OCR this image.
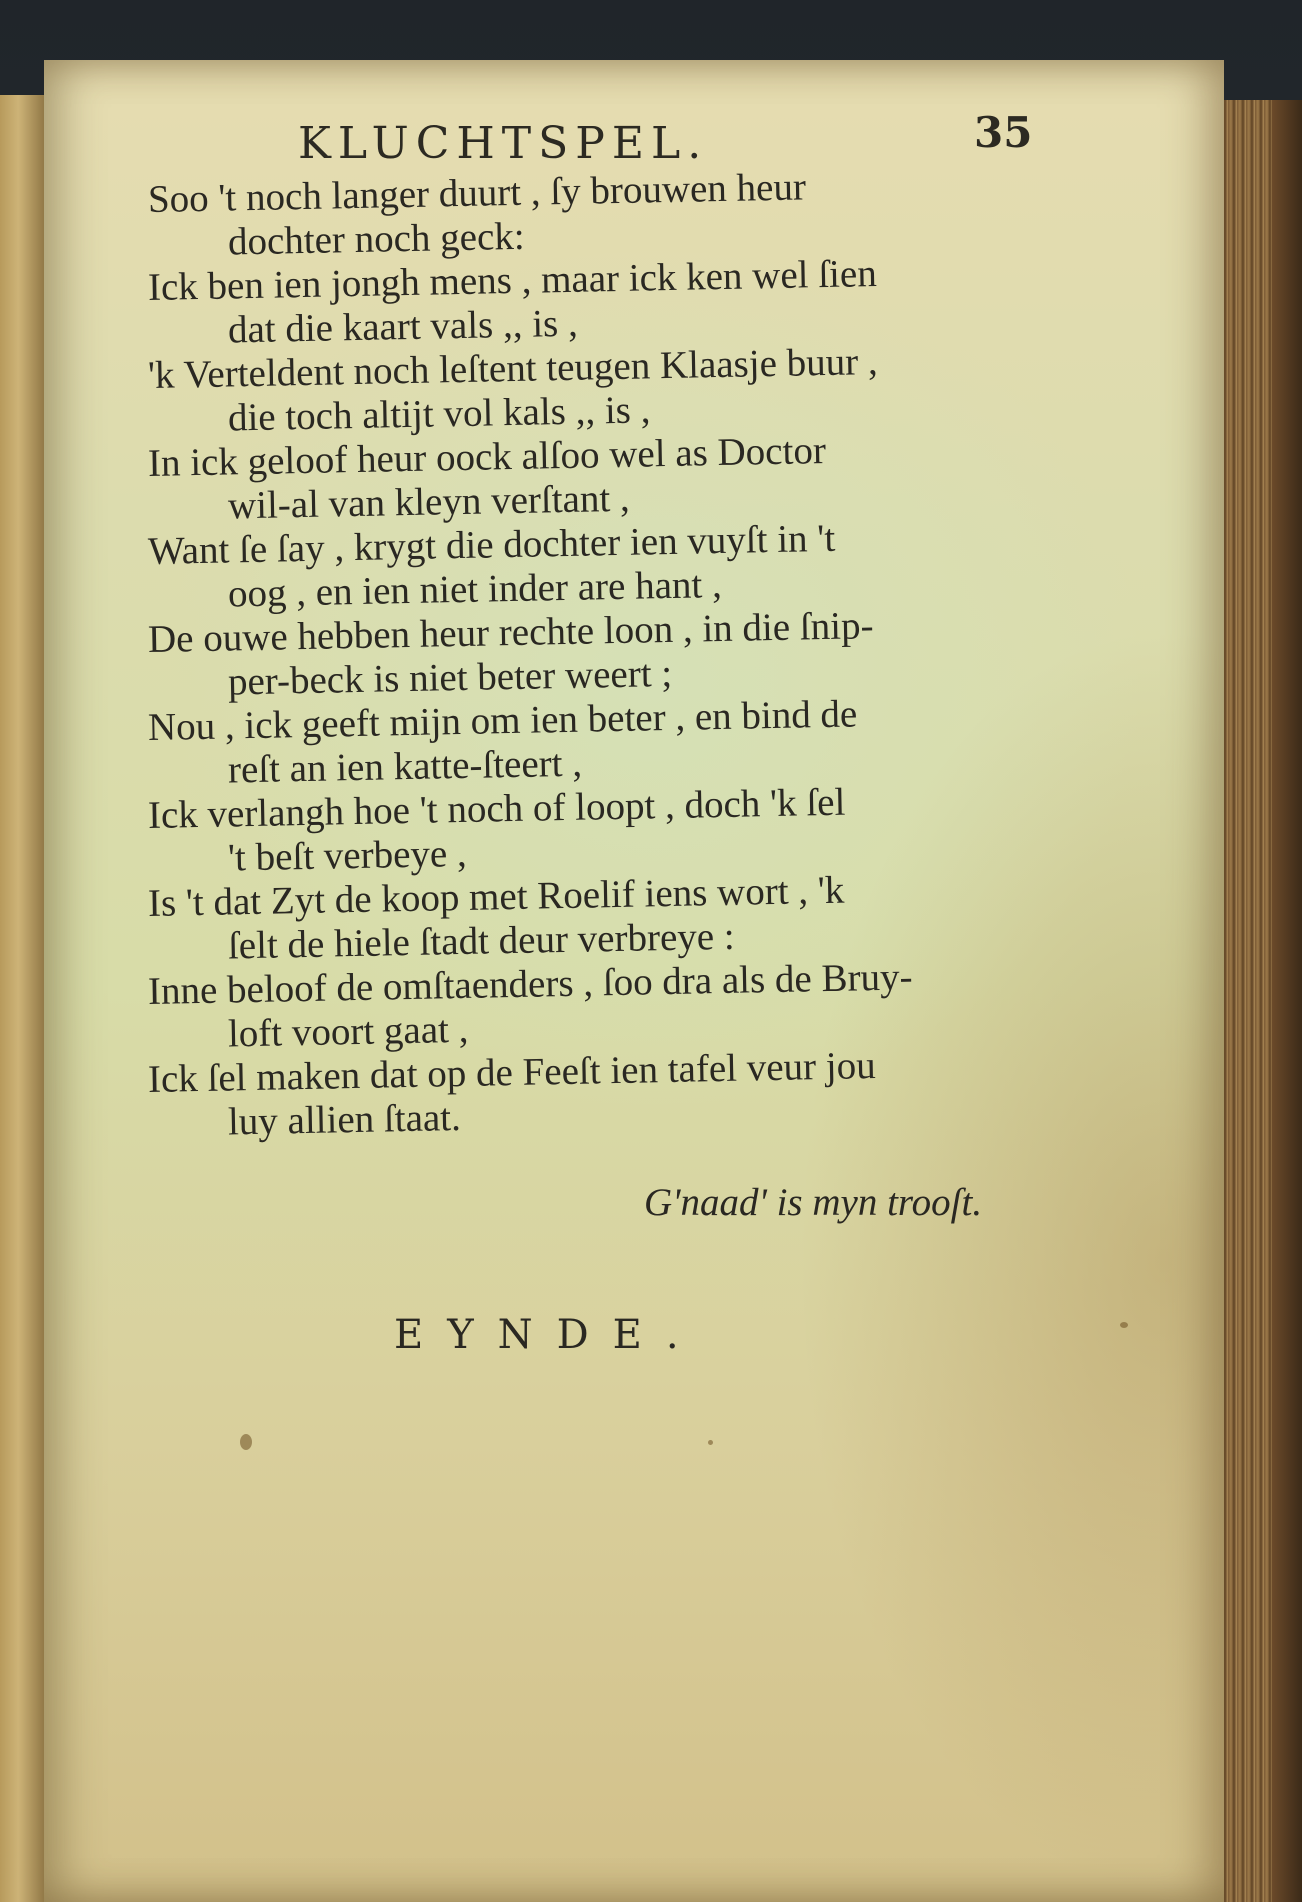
KLUCHTSPEL.	35
Soo 't noch langer duurt , ſy brouwen heur
dochter noch geck:
Ick ben ien jongh mens , maar ick ken wel ſien
dat die kaart vals ,, is ,
'k Verteldent noch leſtent teugen Klaasje buur ,
die toch altijt vol kals ,, is ,
In ick geloof heur oock alſoo wel as Doctor
wil-al van kleyn verſtant ,
Want ſe ſay , krygt die dochter ien vuyſt in 't
oog , en ien niet inder are hant ,
De ouwe hebben heur rechte loon , in die ſnip-
per-beck is niet beter weert ;
Nou , ick geeft mijn om ien beter , en bind de
reſt an ien katte-ſteert ,
Ick verlangh hoe 't noch of loopt , doch 'k ſel
't beſt verbeye ,
Is 't dat Zyt de koop met Roelif iens wort , 'k
ſelt de hiele ſtadt deur verbreye :
Inne beloof de omſtaenders , ſoo dra als de Bruy-
loft voort gaat ,
Ick ſel maken dat op de Feeſt ien tafel veur jou
luy allien ſtaat.
G'naad' is myn trooſt.
EYNDE.
